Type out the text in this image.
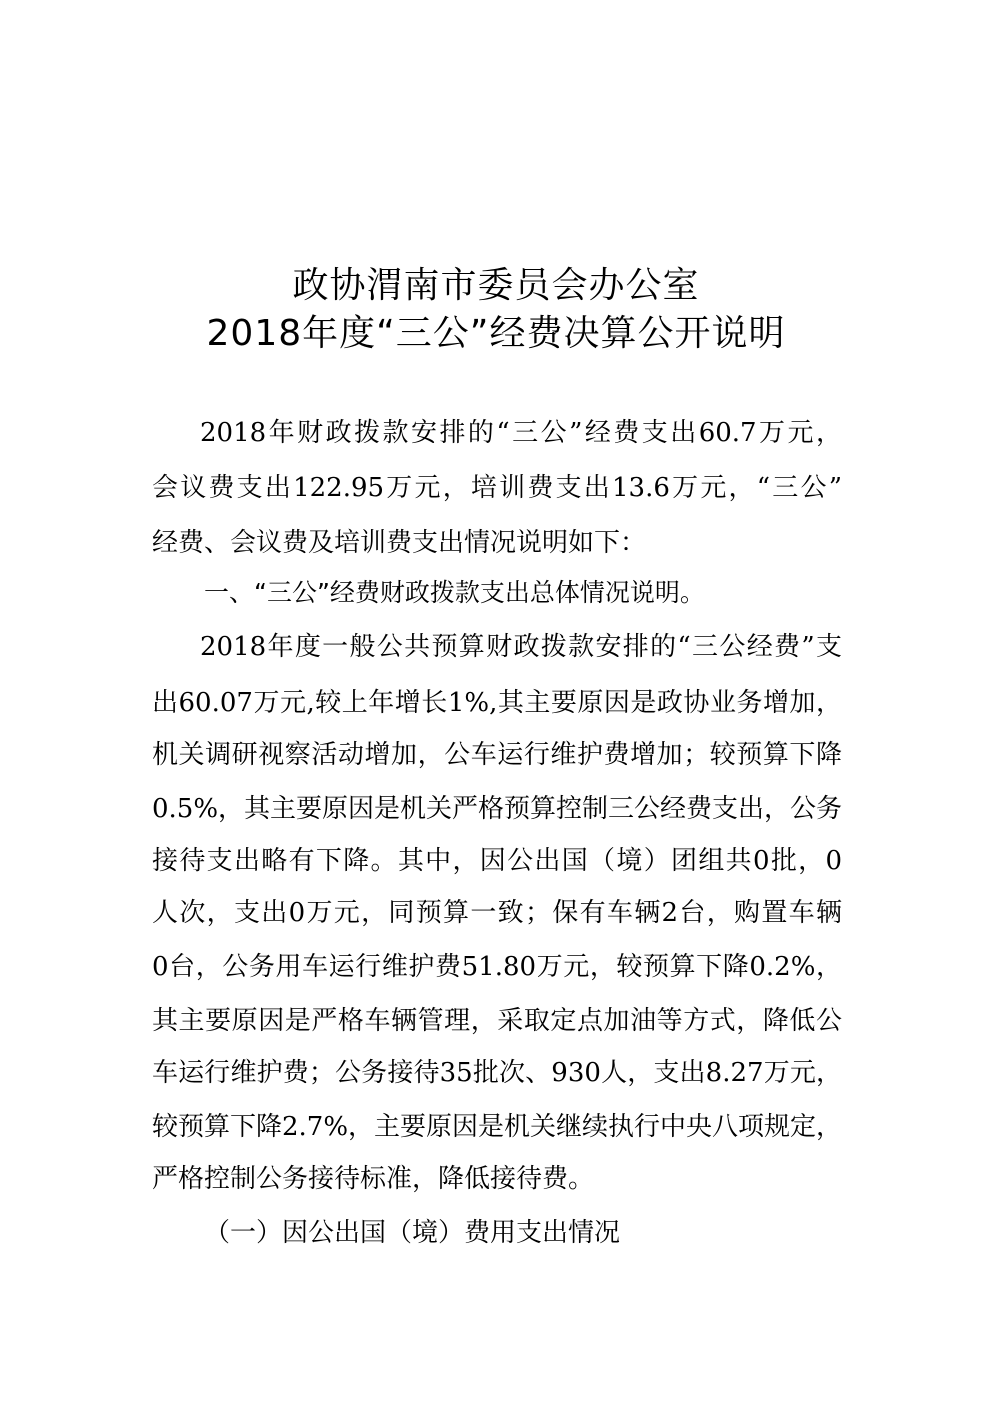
政协渭南市委员会办公室
2018年度“三公”经费决算公开说明
2018年财政拨款安排的“三公”经费支出60.7万元，
会议费支出122.95万元，培训费支出13.6万元，“三公”
经费、会议费及培训费支出情况说明如下：
一、“三公”经费财政拨款支出总体情况说明。
2018年度一般公共预算财政拨款安排的“三公经费”支
出60.07万元,较上年增长1%,其主要原因是政协业务增加，
机关调研视察活动增加，公车运行维护费增加；较预算下降
0.5%，其主要原因是机关严格预算控制三公经费支出，公务
接待支出略有下降。其中，因公出国（境）团组共0批，0
人次，支出0万元，同预算一致；保有车辆2台，购置车辆
0台，公务用车运行维护费51.80万元，较预算下降0.2%，
其主要原因是严格车辆管理，采取定点加油等方式，降低公
车运行维护费；公务接待35批次、930人，支出8.27万元，
较预算下降2.7%，主要原因是机关继续执行中央八项规定，
严格控制公务接待标准，降低接待费。
（一）因公出国（境）费用支出情况
